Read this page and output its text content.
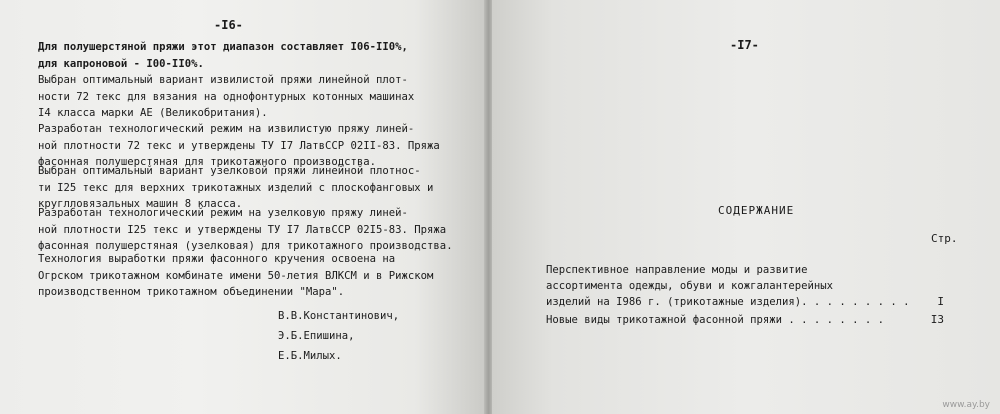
-I6-

Для полушерстяной пряжи этот диапазон составляет I06-II0%,
для капроновой - I00-II0%.

Выбран оптимальный вариант извилистой пряжи линейной плот-
ности 72 текс для вязания на однофонтурных котонных машинах
I4 класса марки АЕ (Великобритания).

Разработан технологический режим на извилистую пряжу линей-
ной плотности 72 текс и утверждены ТУ I7 ЛатвССР 02II-83. Пряжа
фасонная полушерстяная для трикотажного производства.

Выбран оптимальный вариант узелковой пряжи линейной плотнос-
ти I25 текс для верхних трикотажных изделий с плоскофанговых и
круглловязальных машин 8 класса.

Разработан технологический режим на узелковую пряжу линей-
ной плотности I25 текс и утверждены ТУ I7 ЛатвССР 02I5-83. Пряжа
фасонная полушерстяная (узелковая) для трикотажного производства.

Технология выработки пряжи фасонного кручения освоена на
Огрском трикотажном комбинате имени 50-летия ВЛКСМ и в Рижском
производственном трикотажном объединении "Мара".

В.В.Константинович,
Э.Б.Епишина,
Е.Б.Милых.
-I7-
СОДЕРЖАНИЕ
Стр.
Перспективное направление моды и развитие
ассортимента одежды, обуви и кожгалантерейных
изделий на I986 г. (трикотажные изделия). . . . . . . . .	I
Новые виды трикотажной фасонной пряжи . . . . . . . .	I3
www.ay.by
